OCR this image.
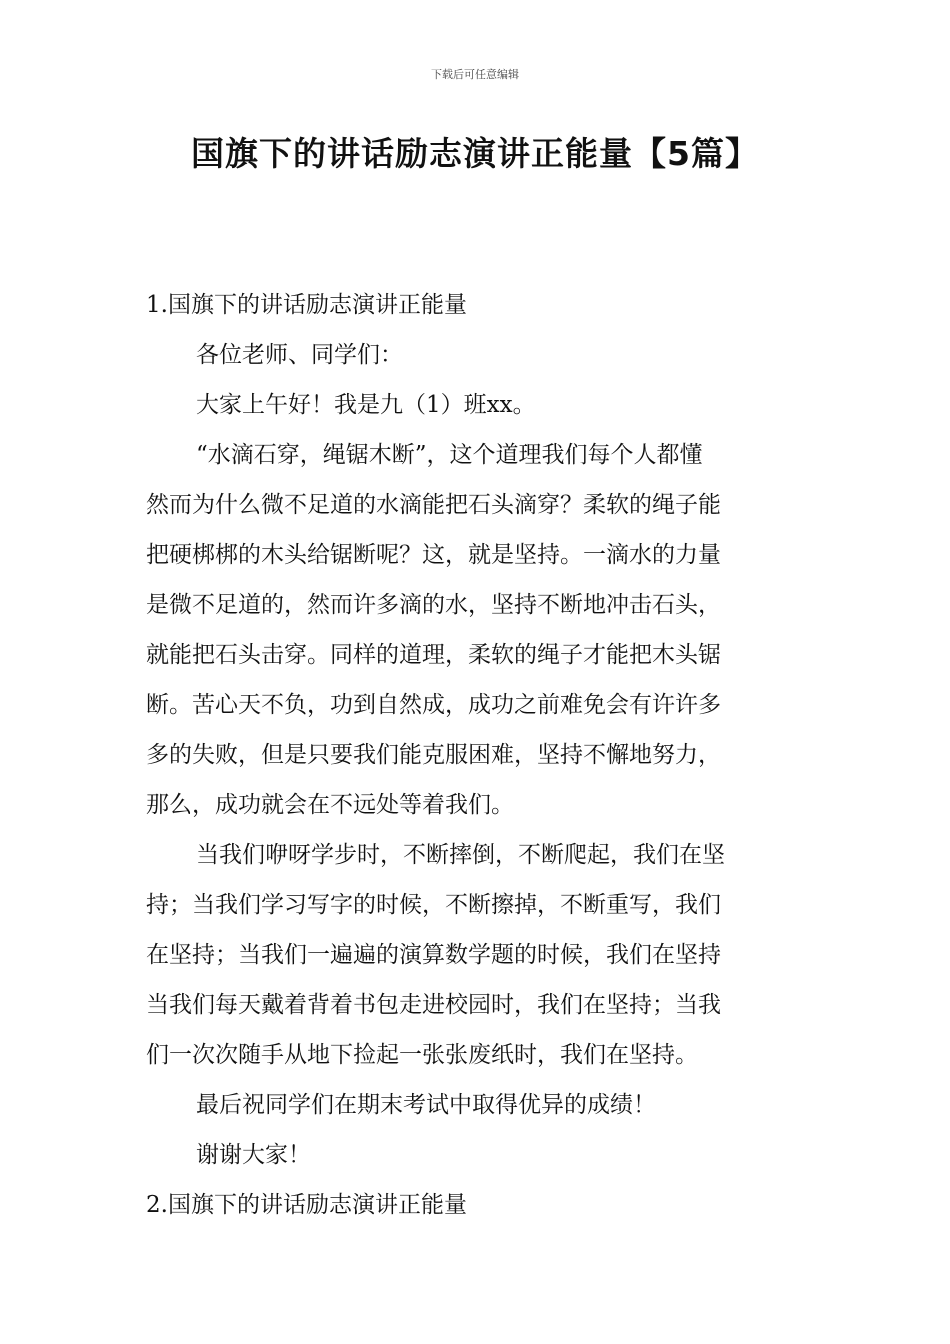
下载后可任意编辑
国旗下的讲话励志演讲正能量【5篇】
1.国旗下的讲话励志演讲正能量
各位老师、同学们：
大家上午好！我是九（1）班xx。
“水滴石穿，绳锯木断”，这个道理我们每个人都懂
然而为什么微不足道的水滴能把石头滴穿？柔软的绳子能
把硬梆梆的木头给锯断呢？这，就是坚持。一滴水的力量
是微不足道的，然而许多滴的水，坚持不断地冲击石头，
就能把石头击穿。同样的道理，柔软的绳子才能把木头锯
断。苦心天不负，功到自然成，成功之前难免会有许许多
多的失败，但是只要我们能克服困难，坚持不懈地努力，
那么，成功就会在不远处等着我们。
当我们咿呀学步时，不断摔倒，不断爬起，我们在坚
持；当我们学习写字的时候，不断擦掉，不断重写，我们
在坚持；当我们一遍遍的演算数学题的时候，我们在坚持
当我们每天戴着背着书包走进校园时，我们在坚持；当我
们一次次随手从地下捡起一张张废纸时，我们在坚持。
最后祝同学们在期末考试中取得优异的成绩！
谢谢大家！
2.国旗下的讲话励志演讲正能量
